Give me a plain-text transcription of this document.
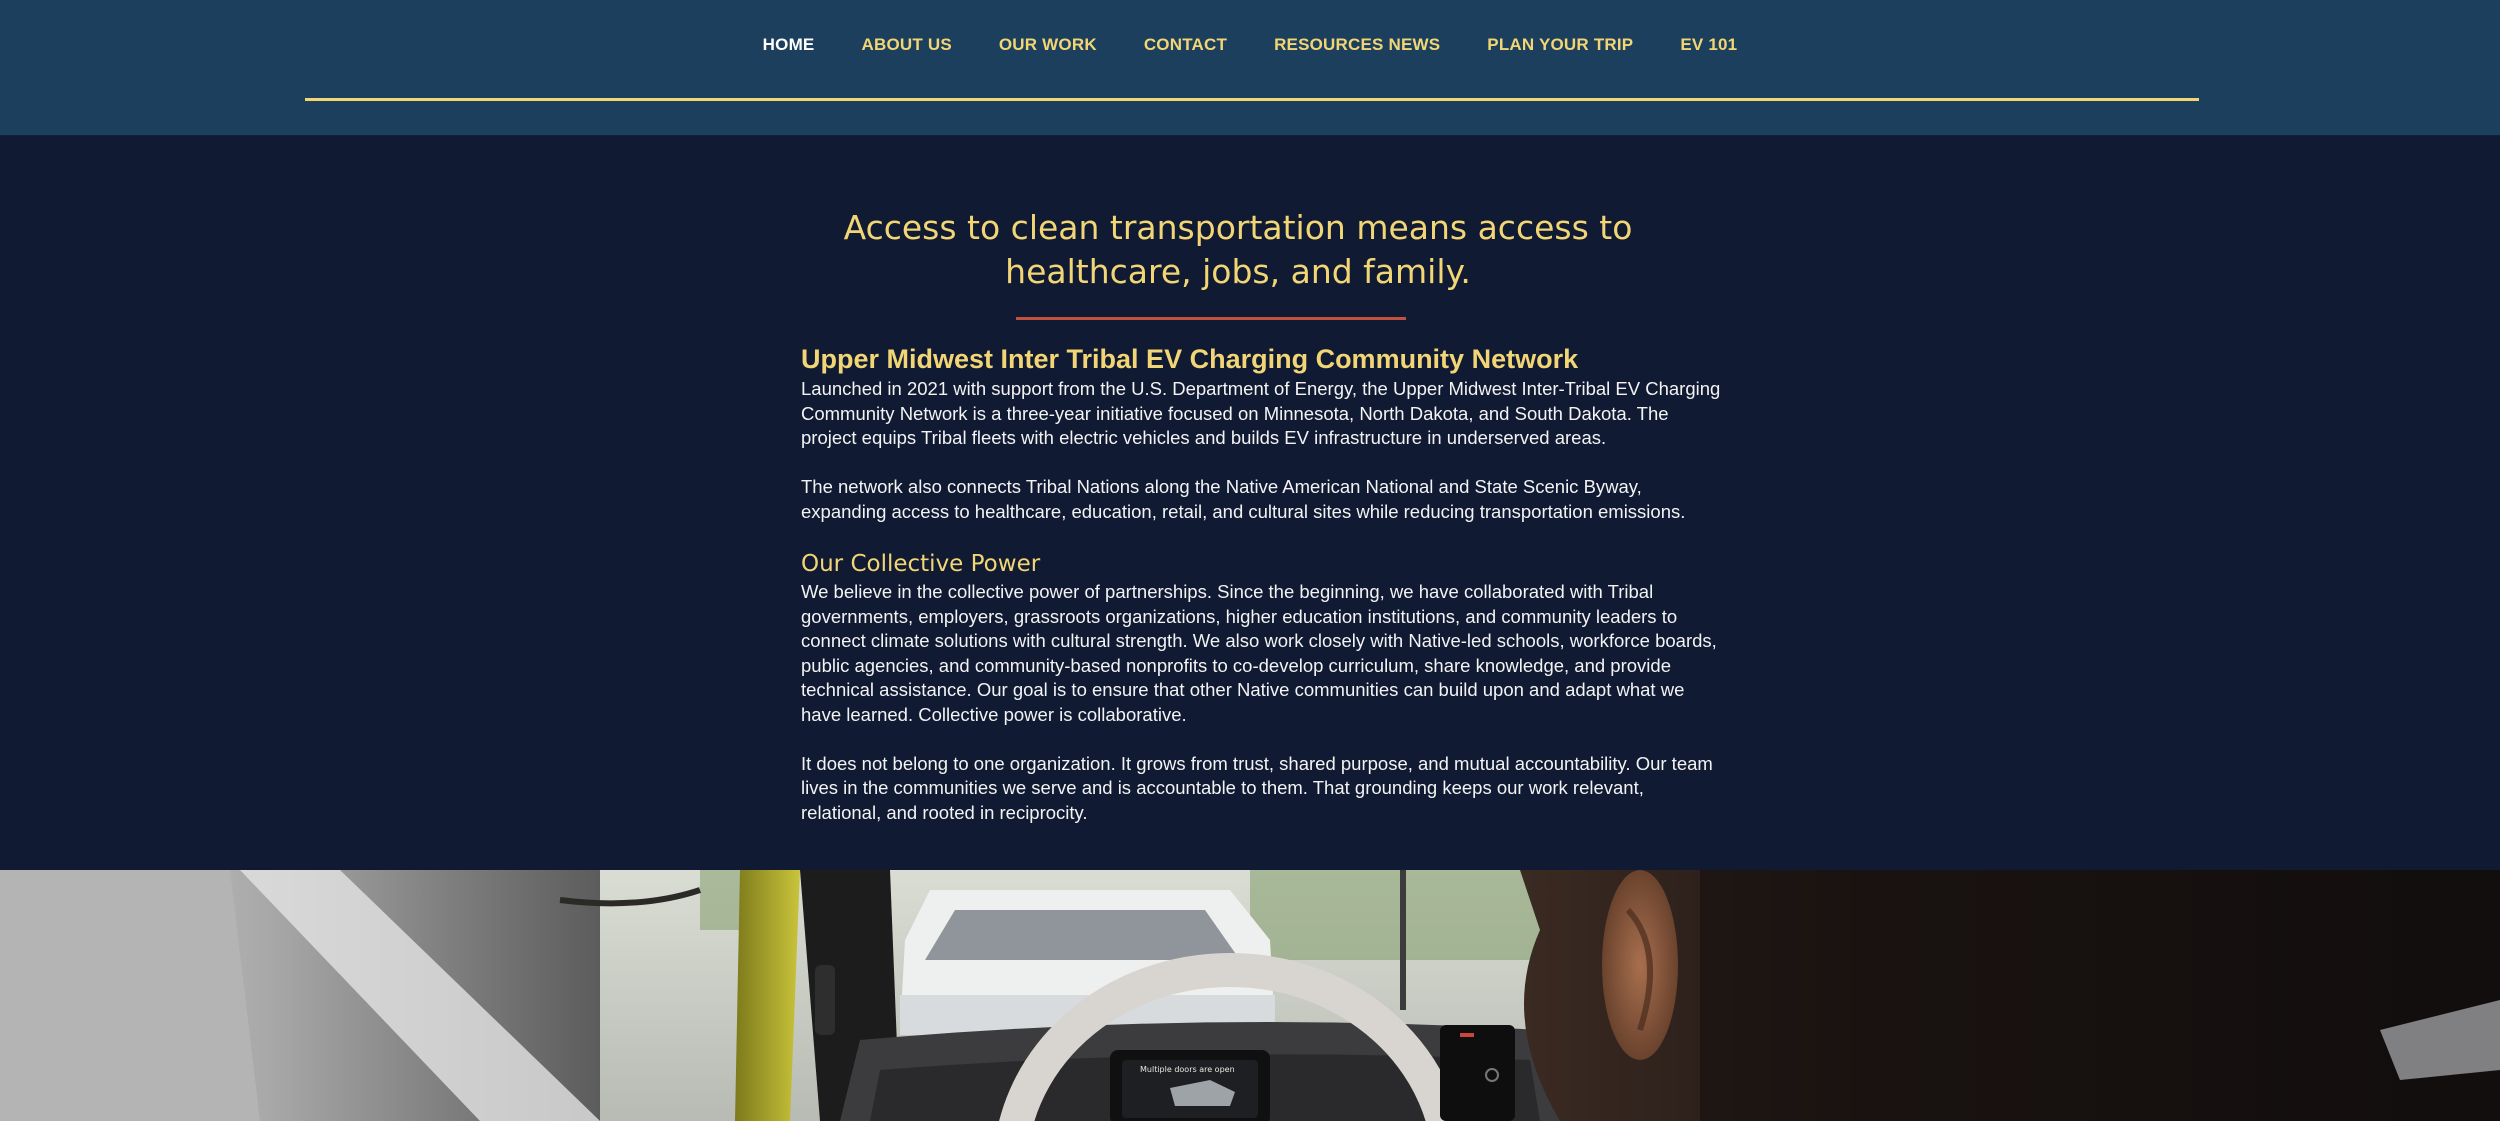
HOME	ABOUT US	OUR WORK	CONTACT	RESOURCES NEWS	PLAN YOUR TRIP	EV 101
Access to clean transportation means access to healthcare, jobs, and family.
Upper Midwest Inter Tribal EV Charging Community Network

Launched in 2021 with support from the U.S. Department of Energy, the Upper Midwest Inter-Tribal EV Charging Community Network is a three-year initiative focused on Minnesota, North Dakota, and South Dakota. The project equips Tribal fleets with electric vehicles and builds EV infrastructure in underserved areas.

The network also connects Tribal Nations along the Native American National and State Scenic Byway, expanding access to healthcare, education, retail, and cultural sites while reducing transportation emissions.

Our Collective Power

We believe in the collective power of partnerships. Since the beginning, we have collaborated with Tribal governments, employers, grassroots organizations, higher education institutions, and community leaders to connect climate solutions with cultural strength. We also work closely with Native-led schools, workforce boards, public agencies, and community-based nonprofits to co-develop curriculum, share knowledge, and provide technical assistance. Our goal is to ensure that other Native communities can build upon and adapt what we have learned. Collective power is collaborative.

It does not belong to one organization. It grows from trust, shared purpose, and mutual accountability. Our team lives in the communities we serve and is accountable to them. That grounding keeps our work relevant, relational, and rooted in reciprocity.

Multiple doors are open
